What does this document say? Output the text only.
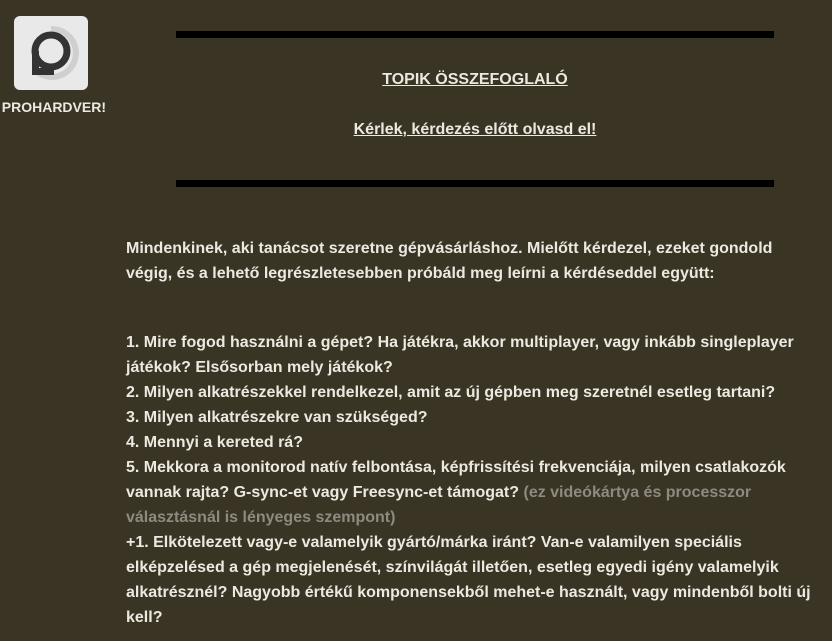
PROHARDVER!
TOPIK ÖSSZEFOGLALÓ
Kérlek, kérdezés előtt olvasd el!

Mindenkinek, aki tanácsot szeretne gépvásárláshoz. Mielőtt kérdezel, ezeket gondold végig, és a lehető legrészletesebben próbáld meg leírni a kérdéseddel együtt:

1. Mire fogod használni a gépet? Ha játékra, akkor multiplayer, vagy inkább singleplayer játékok? Elsősorban mely játékok?

2. Milyen alkatrészekkel rendelkezel, amit az új gépben meg szeretnél esetleg tartani?

3. Milyen alkatrészekre van szükséged?

4. Mennyi a kereted rá?

5. Mekkora a monitorod natív felbontása, képfrissítési frekvenciája, milyen csatlakozók vannak rajta? G-sync-et vagy Freesync-et támogat? (ez videókártya és processzor választásnál is lényeges szempont)

+1. Elkötelezett vagy-e valamelyik gyártó/márka iránt? Van-e valamilyen speciális elképzelésed a gép megjelenését, színvilágát illetően, esetleg egyedi igény valamelyik alkatrésznél? Nagyobb értékű komponensekből mehet-e használt, vagy mindenből bolti új kell?
